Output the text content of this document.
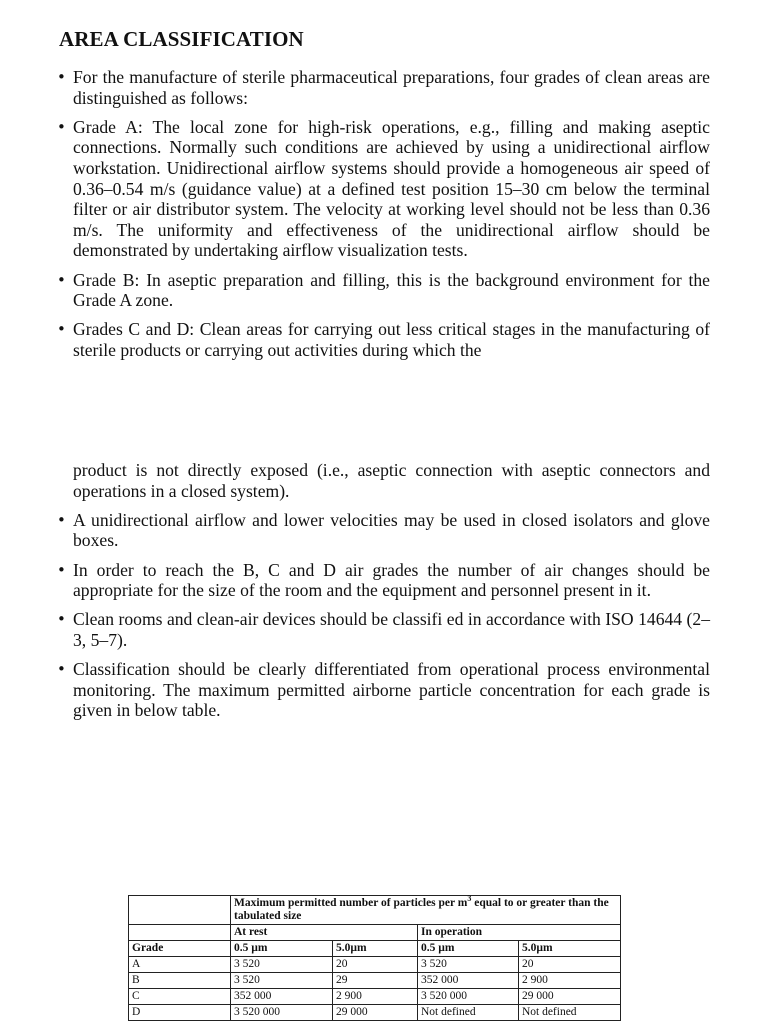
AREA CLASSIFICATION
• For the manufacture of sterile pharmaceutical preparations, four grades of clean areas are distinguished as follows:
• Grade A: The local zone for high-risk operations, e.g., filling and making aseptic connections. Normally such conditions are achieved by using a unidirectional airflow workstation. Unidirectional airflow systems should provide a homogeneous air speed of 0.36–0.54 m/s (guidance value) at a defined test position 15–30 cm below the terminal filter or air distributor system. The velocity at working level should not be less than 0.36 m/s. The uniformity and effectiveness of the unidirectional airflow should be demonstrated by undertaking airflow visualization tests.
• Grade B: In aseptic preparation and filling, this is the background environment for the Grade A zone.
• Grades C and D: Clean areas for carrying out less critical stages in the manufacturing of sterile products or carrying out activities during which the
product is not directly exposed (i.e., aseptic connection with aseptic connectors and operations in a closed system).
• A unidirectional airflow and lower velocities may be used in closed isolators and glove boxes.
• In order to reach the B, C and D air grades the number of air changes should be appropriate for the size of the room and the equipment and personnel present in it.
• Clean rooms and clean-air devices should be classifi ed in accordance with ISO 14644 (2–3, 5–7).
• Classification should be clearly differentiated from operational process environmental monitoring. The maximum permitted airborne particle concentration for each grade is given in below table.
	Maximum permitted number of particles per $m^3$ equal to or greater than the tabulated size			
	At rest		In operation	
Grade	0.5 µm	5.0µm	0.5 µm	5.0µm
A	3 520	20	3 520	20
B	3 520	29	352 000	2 900
C	352 000	2 900	3 520 000	29 000
D	3 520 000	29 000	Not defined	Not defined
